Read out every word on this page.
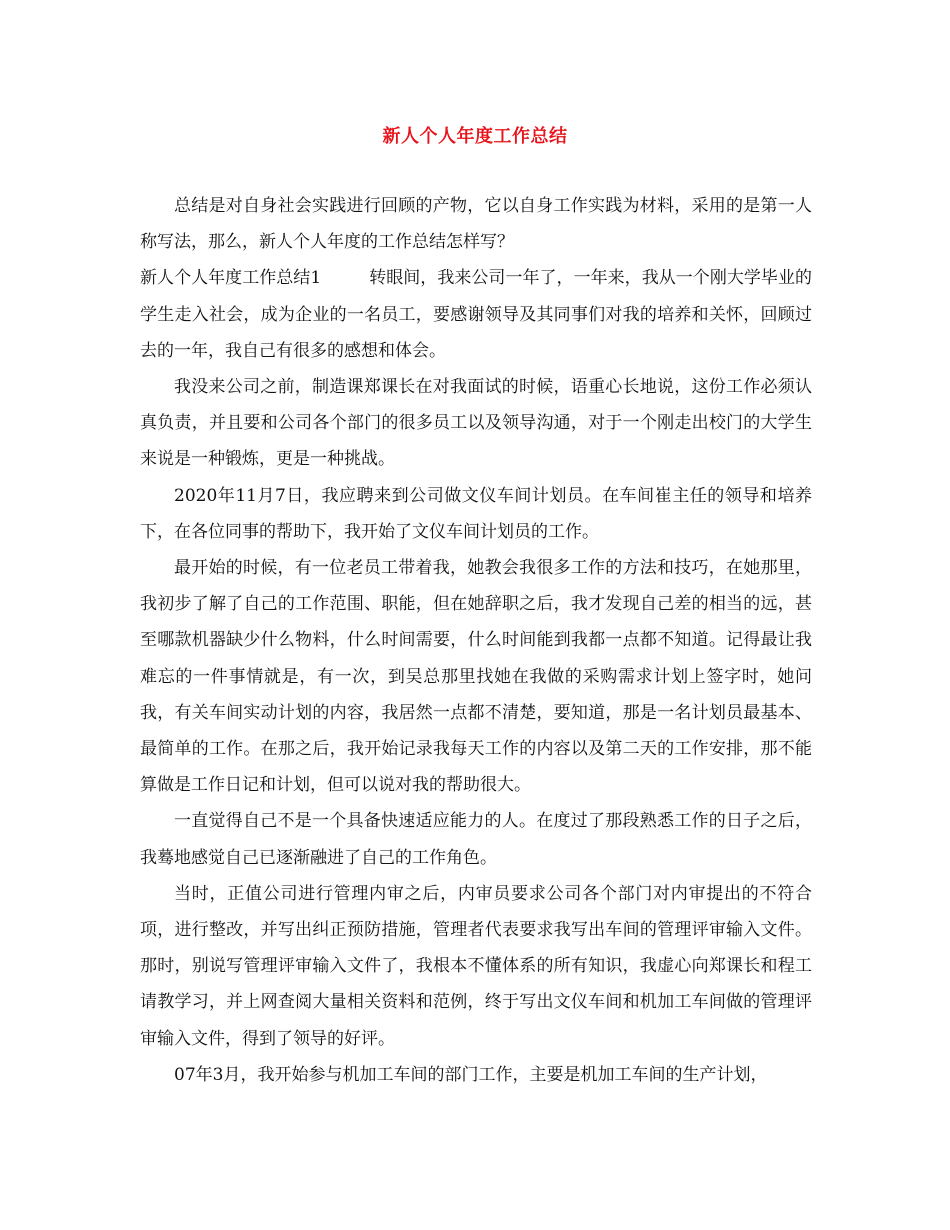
新人个人年度工作总结

总结是对自身社会实践进行回顾的产物，它以自身工作实践为材料，采用的是第一人称写法，那么，新人个人年度的工作总结怎样写？

新人个人年度工作总结1	转眼间，我来公司一年了，一年来，我从一个刚大学毕业的学生走入社会，成为企业的一名员工，要感谢领导及其同事们对我的培养和关怀，回顾过去的一年，我自己有很多的感想和体会。

我没来公司之前，制造课郑课长在对我面试的时候，语重心长地说，这份工作必须认真负责，并且要和公司各个部门的很多员工以及领导沟通，对于一个刚走出校门的大学生来说是一种锻炼，更是一种挑战。

2020年11月7日，我应聘来到公司做文仪车间计划员。在车间崔主任的领导和培养下，在各位同事的帮助下，我开始了文仪车间计划员的工作。

最开始的时候，有一位老员工带着我，她教会我很多工作的方法和技巧，在她那里，我初步了解了自己的工作范围、职能，但在她辞职之后，我才发现自己差的相当的远，甚至哪款机器缺少什么物料，什么时间需要，什么时间能到我都一点都不知道。记得最让我难忘的一件事情就是，有一次，到吴总那里找她在我做的采购需求计划上签字时，她问我，有关车间实动计划的内容，我居然一点都不清楚，要知道，那是一名计划员最基本、最简单的工作。在那之后，我开始记录我每天工作的内容以及第二天的工作安排，那不能算做是工作日记和计划，但可以说对我的帮助很大。

一直觉得自己不是一个具备快速适应能力的人。在度过了那段熟悉工作的日子之后，我蓦地感觉自己已逐渐融进了自己的工作角色。

当时，正值公司进行管理内审之后，内审员要求公司各个部门对内审提出的不符合项，进行整改，并写出纠正预防措施，管理者代表要求我写出车间的管理评审输入文件。那时，别说写管理评审输入文件了，我根本不懂体系的所有知识，我虚心向郑课长和程工请教学习，并上网查阅大量相关资料和范例，终于写出文仪车间和机加工车间做的管理评审输入文件，得到了领导的好评。

07年3月，我开始参与机加工车间的部门工作，主要是机加工车间的生产计划，
